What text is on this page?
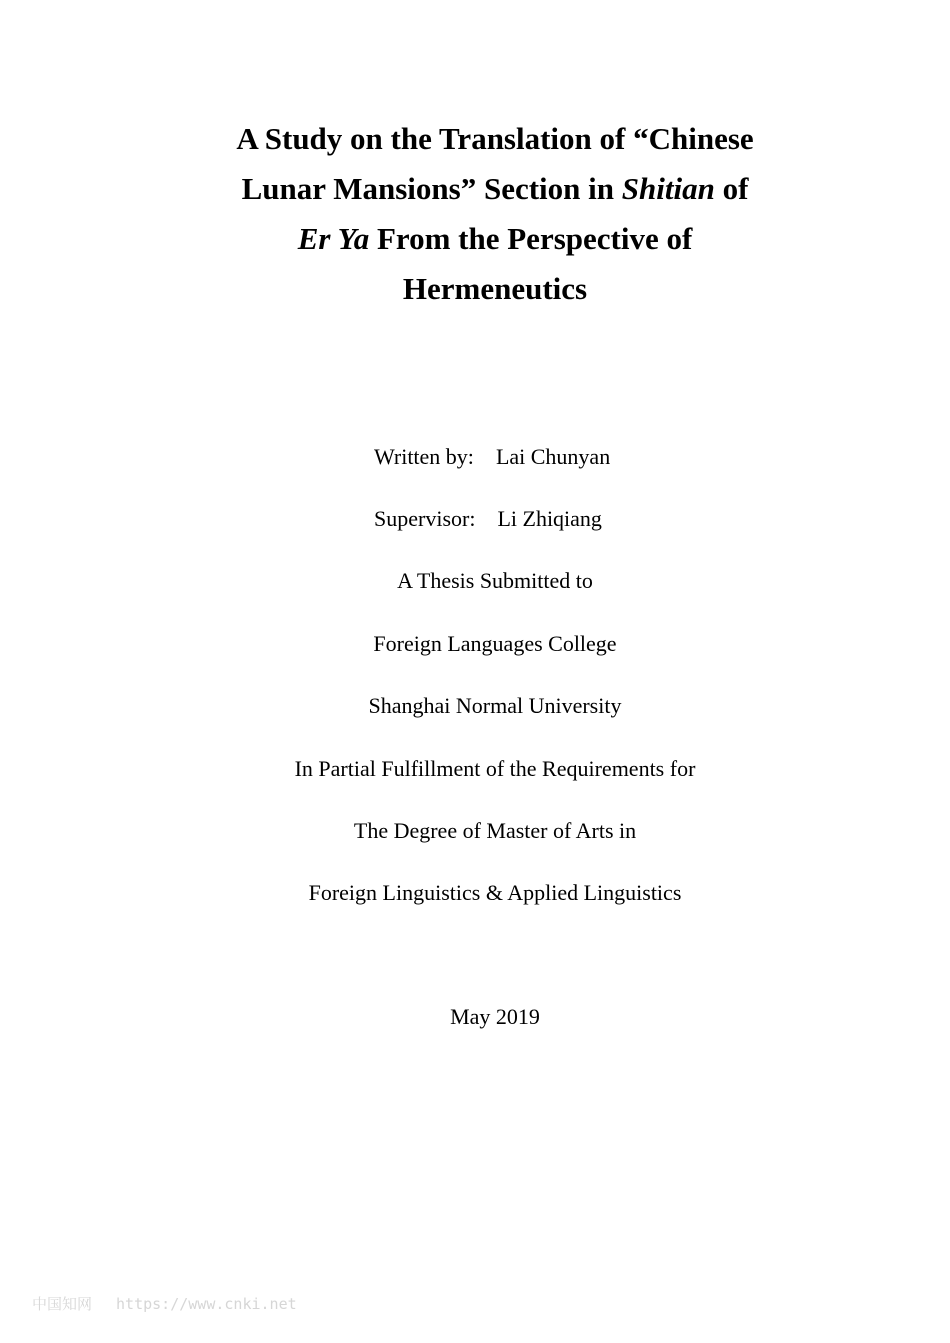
A Study on the Translation of “Chinese
Lunar Mansions” Section in Shitian of
Er Ya From the Perspective of
Hermeneutics
Written by: Lai Chunyan
Supervisor: Li Zhiqiang
A Thesis Submitted to
Foreign Languages College
Shanghai Normal University
In Partial Fulfillment of the Requirements for
The Degree of Master of Arts in
Foreign Linguistics & Applied Linguistics
May 2019
中国知网 https://www.cnki.net
